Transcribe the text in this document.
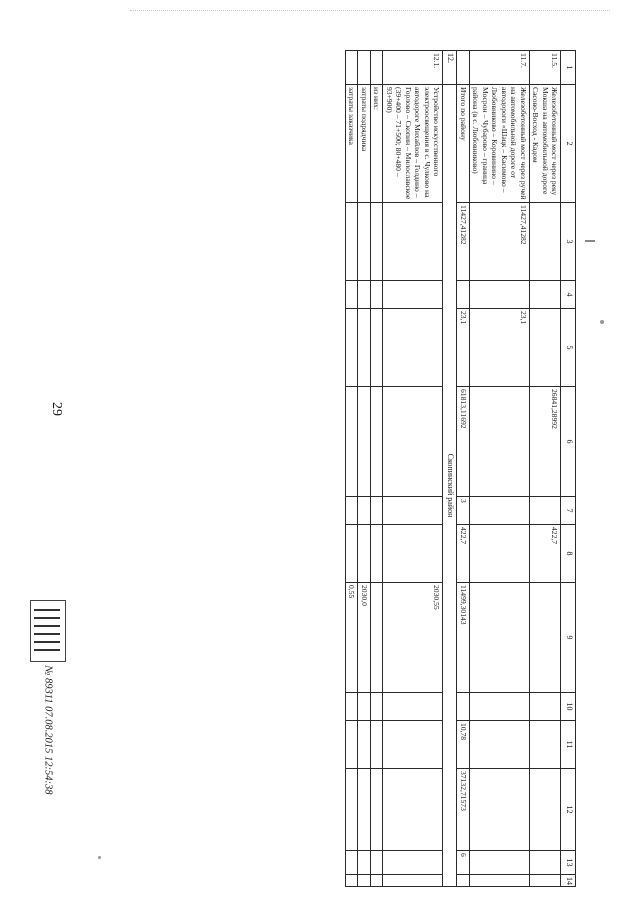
29
1	2	3	4	5	6	7	8	9	10	11	12	13	14
11.5.	Железобетонный мост через реку Мокша на автомобильной дороге Сасово-Восход - Кадом				26841,28992		422,7						
11.7.	Железобетонный мост через ручей на автомобильной дороге от автодороги «Шацк – Касимово – Любовниково – Коровинино – Мосрон – Чубарово – граница района (в с. Любовниково)	11427,41282		23,1									
	Итого по району	11427,41282		23,1	61813,11692	3	422,7	11499,30143		10,78	37132,71573	6	
12.	Скопинский район												
12.1.	Устройство искусственного электроосвещения в с. Чулково на автодороге Михайлов – Голдино – Горлово – Скопин – Милославское (39+400 – 71+500; 80+480 – 93+900)							2030,55					
	из них:												
	затраты подрядчика							2030,0					
	затраты заказчика							0,55					
№ 89311 07.08.2015 12:54:38
